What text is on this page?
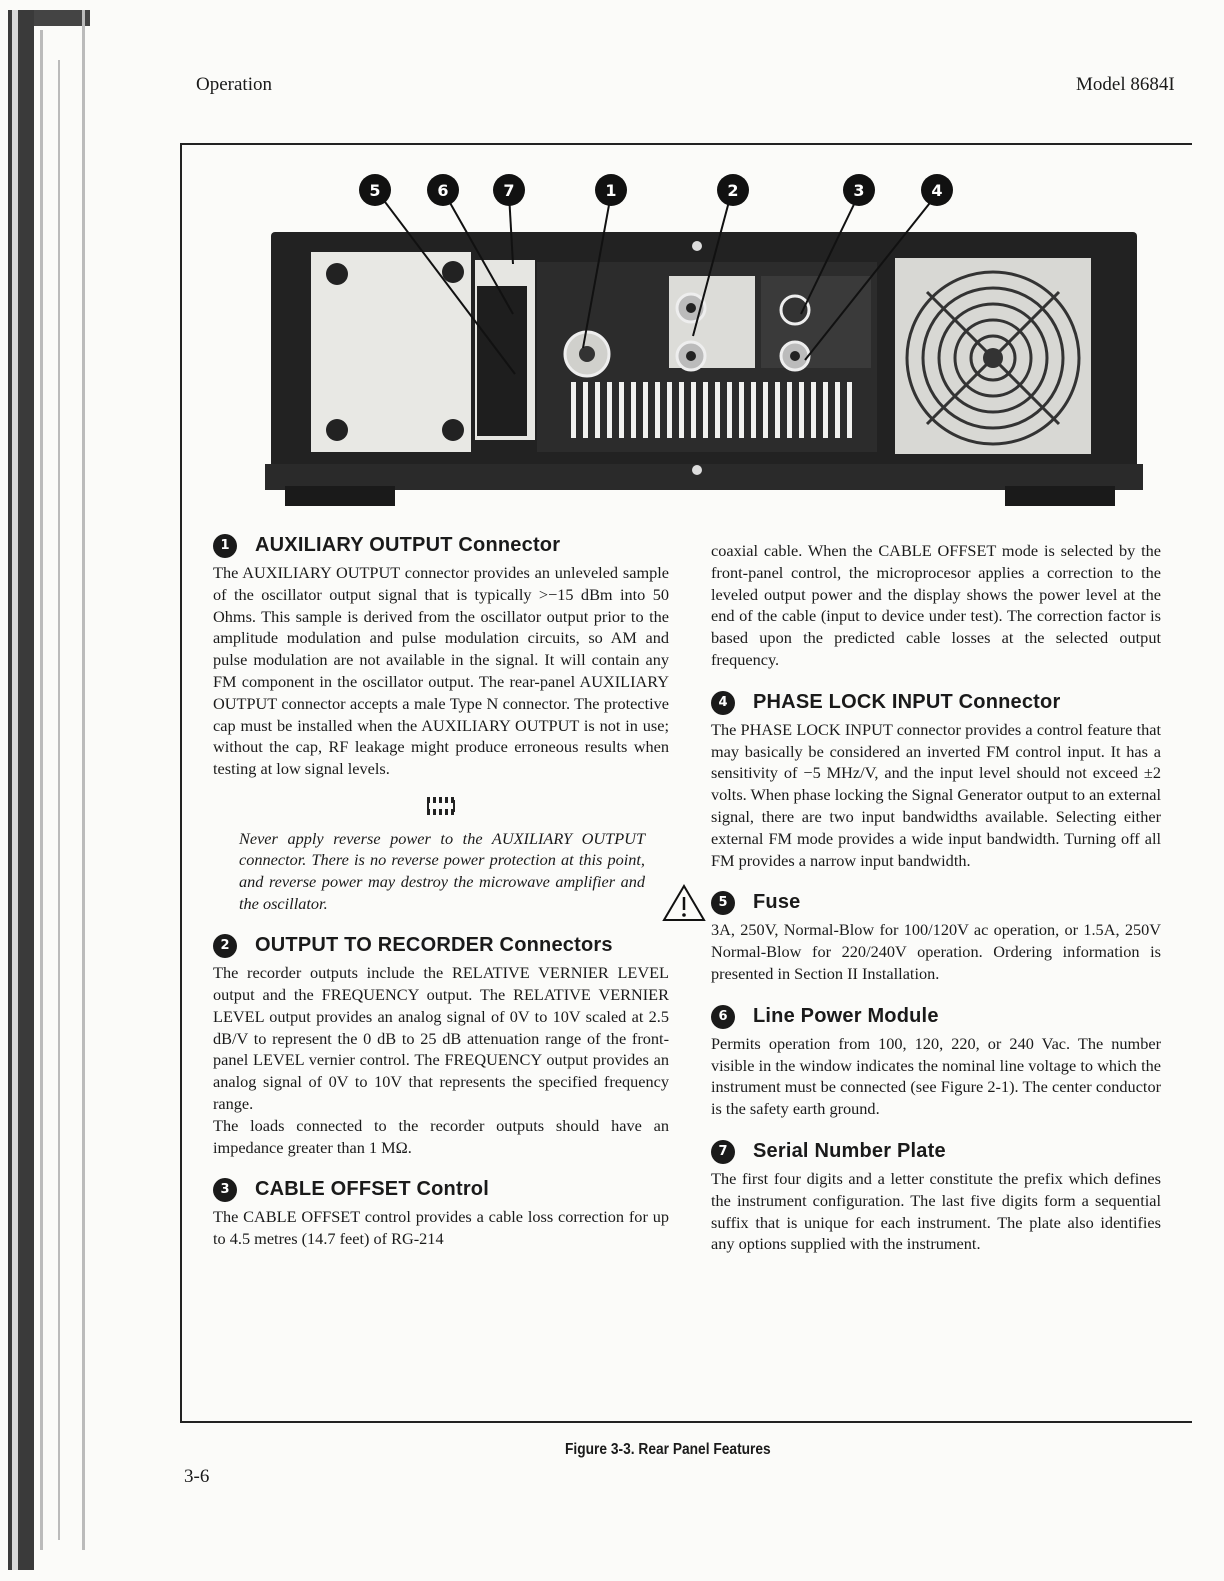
Operation	Model 8684I
5	6	7	1	2	3	4
1	AUXILIARY OUTPUT Connector

The AUXILIARY OUTPUT connector provides an unleveled sample of the oscillator output signal that is typically >−15 dBm into 50 Ohms. This sample is derived from the oscillator output prior to the amplitude modulation and pulse modulation circuits, so AM and pulse modulation are not available in the signal. It will contain any FM component in the oscillator output. The rear-panel AUXILIARY OUTPUT connector accepts a male Type N connector. The protective cap must be installed when the AUXILIARY OUTPUT is not in use; without the cap, RF leakage might produce erroneous results when testing at low signal levels.

Never apply reverse power to the AUXILIARY OUTPUT connector. There is no reverse power protection at this point, and reverse power may destroy the microwave amplifier and the oscillator.

2	OUTPUT TO RECORDER Connectors

The recorder outputs include the RELATIVE VERNIER LEVEL output and the FREQUENCY output. The RELATIVE VERNIER LEVEL output provides an analog signal of 0V to 10V scaled at 2.5 dB/V to represent the 0 dB to 25 dB attenuation range of the front-panel LEVEL vernier control. The FREQUENCY output provides an analog signal of 0V to 10V that represents the specified frequency range.

The loads connected to the recorder outputs should have an impedance greater than 1 MΩ.

3	CABLE OFFSET Control

The CABLE OFFSET control provides a cable loss correction for up to 4.5 metres (14.7 feet) of RG-214

coaxial cable. When the CABLE OFFSET mode is selected by the front-panel control, the microprocesor applies a correction to the leveled output power and the display shows the power level at the end of the cable (input to device under test). The correction factor is based upon the predicted cable losses at the selected output frequency.

4	PHASE LOCK INPUT Connector

The PHASE LOCK INPUT connector provides a control feature that may basically be considered an inverted FM control input. It has a sensitivity of −5 MHz/V, and the input level should not exceed ±2 volts. When phase locking the Signal Generator output to an external signal, there are two input bandwidths available. Selecting either external FM mode provides a wide input bandwidth. Turning off all FM provides a narrow input bandwidth.

5	Fuse

3A, 250V, Normal-Blow for 100/120V ac operation, or 1.5A, 250V Normal-Blow for 220/240V operation. Ordering information is presented in Section II Installation.

6	Line Power Module

Permits operation from 100, 120, 220, or 240 Vac. The number visible in the window indicates the nominal line voltage to which the instrument must be connected (see Figure 2-1). The center conductor is the safety earth ground.

7	Serial Number Plate

The first four digits and a letter constitute the prefix which defines the instrument configuration. The last five digits form a sequential suffix that is unique for each instrument. The plate also identifies any options supplied with the instrument.

Figure 3-3. Rear Panel Features
3-6
